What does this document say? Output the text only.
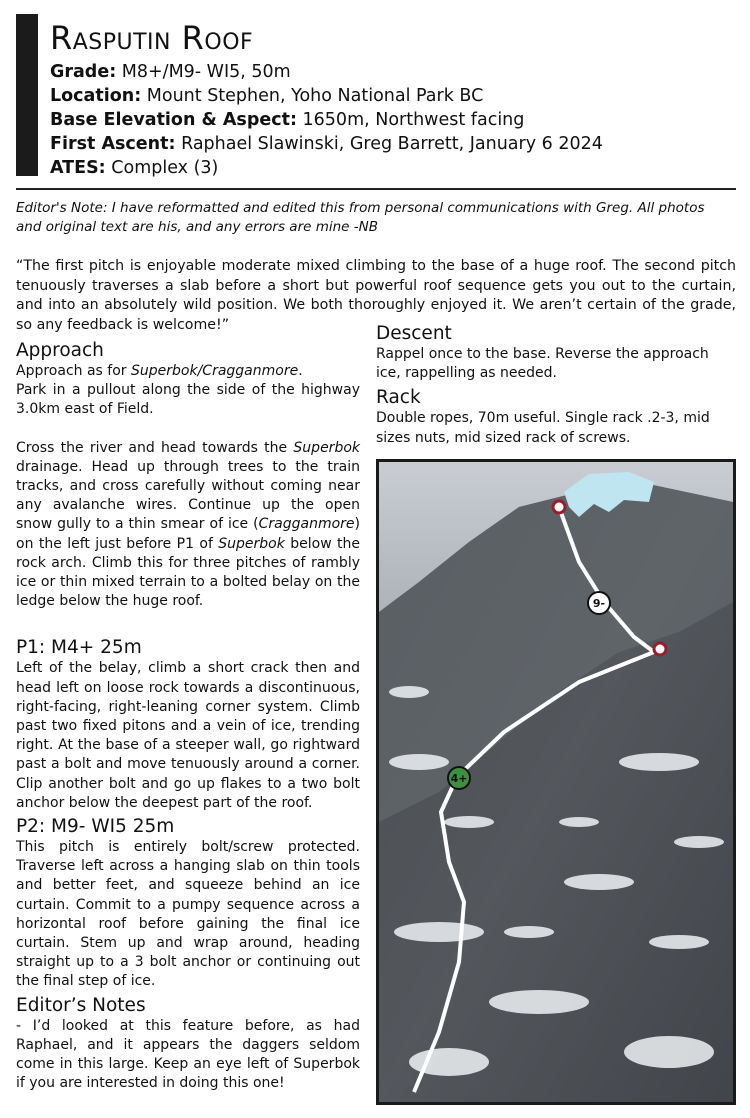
Rasputin Roof
Grade: M8+/M9- WI5, 50m
Location: Mount Stephen, Yoho National Park BC
Base Elevation & Aspect: 1650m, Northwest facing
First Ascent: Raphael Slawinski, Greg Barrett, January 6 2024
ATES: Complex (3)
Editor's Note: I have reformatted and edited this from personal communications with Greg. All photos and original text are his, and any errors are mine -NB
“The first pitch is enjoyable moderate mixed climbing to the base of a huge roof. The second pitch tenuously traverses a slab before a short but powerful roof sequence gets you out to the curtain, and into an absolutely wild position. We both thoroughly enjoyed it. We aren’t certain of the grade, so any feedback is welcome!”
Approach

Approach as for Superbok/Cragganmore.

Park in a pullout along the side of the highway 3.0km east of Field.

Cross the river and head towards the Superbok drainage. Head up through trees to the train tracks, and cross carefully without coming near any avalanche wires. Continue up the open snow gully to a thin smear of ice (Cragganmore) on the left just before P1 of Superbok below the rock arch. Climb this for three pitches of rambly ice or thin mixed terrain to a bolted belay on the ledge below the huge roof.

P1: M4+ 25m

Left of the belay, climb a short crack then and head left on loose rock towards a discontinuous, right-facing, right-leaning corner system. Climb past two fixed pitons and a vein of ice, trending right. At the base of a steeper wall, go rightward past a bolt and move tenuously around a corner. Clip another bolt and go up flakes to a two bolt anchor below the deepest part of the roof.

P2: M9- WI5 25m

This pitch is entirely bolt/screw protected. Traverse left across a hanging slab on thin tools and better feet, and squeeze behind an ice curtain. Commit to a pumpy sequence across a horizontal roof before gaining the final ice curtain. Stem up and wrap around, heading straight up to a 3 bolt anchor or continuing out the final step of ice.

Editor’s Notes

- I’d looked at this feature before, as had Raphael, and it appears the daggers seldom come in this large. Keep an eye left of Superbok if you are interested in doing this one!

Descent

Rappel once to the base. Reverse the approach ice, rappelling as needed.

Rack

Double ropes, 70m useful. Single rack .2-3, mid sizes nuts, mid sized rack of screws.

9-
4+
